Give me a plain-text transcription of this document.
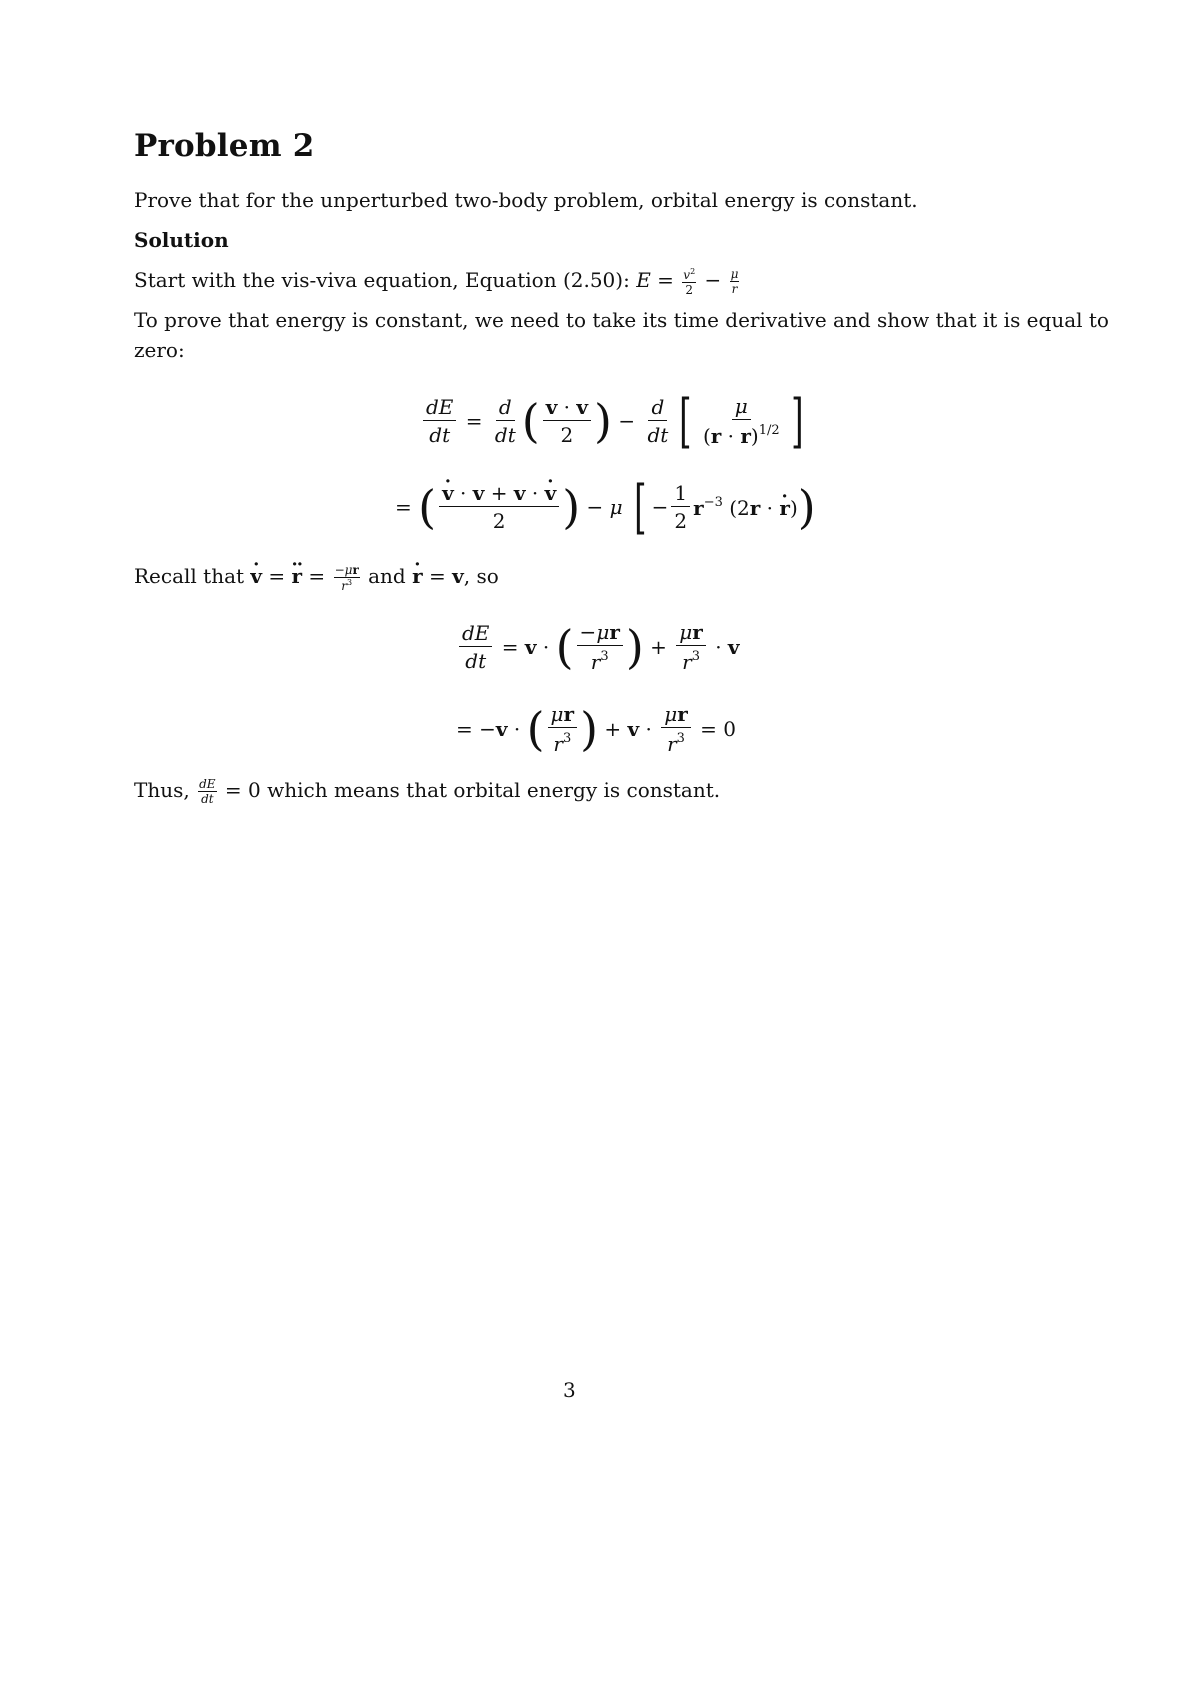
Problem 2
Prove that for the unperturbed two-body problem, orbital energy is constant.
Solution
Start with the vis-viva equation, Equation (2.50): $E = \frac{v^2}{2} - \frac{\mu}{r}$
To prove that energy is constant, we need to take its time derivative and show that it is equal to
zero:
$\frac{dE}{dt} = \frac{d}{dt}$ ( $\frac{v \cdot v}{2}$ ) − $\frac{d}{dt}$ [ $\frac{\mu}{(r \cdot r)^{1/2}}$ ]
= ( $\frac{v \cdot \cdot v + v \cdot v \cdot}{2}$ ) − μ [ − $\frac{1}{2} r^{-3}$ (2r · r ·) )
Recall that v · = r ·· = $\frac{-\mu r}{r^3}$ and r · = v, so
$\frac{dE}{dt} = v$ · ( $\frac{-\mu r}{r^3}$ ) + $\frac{\mu r}{r^3} \cdot v$
= −v · ( $\frac{\mu r}{r^3}$ ) + $v \cdot \frac{\mu r}{r^3} = 0$
Thus, $\frac{dE}{dt} = 0$ which means that orbital energy is constant.
3
